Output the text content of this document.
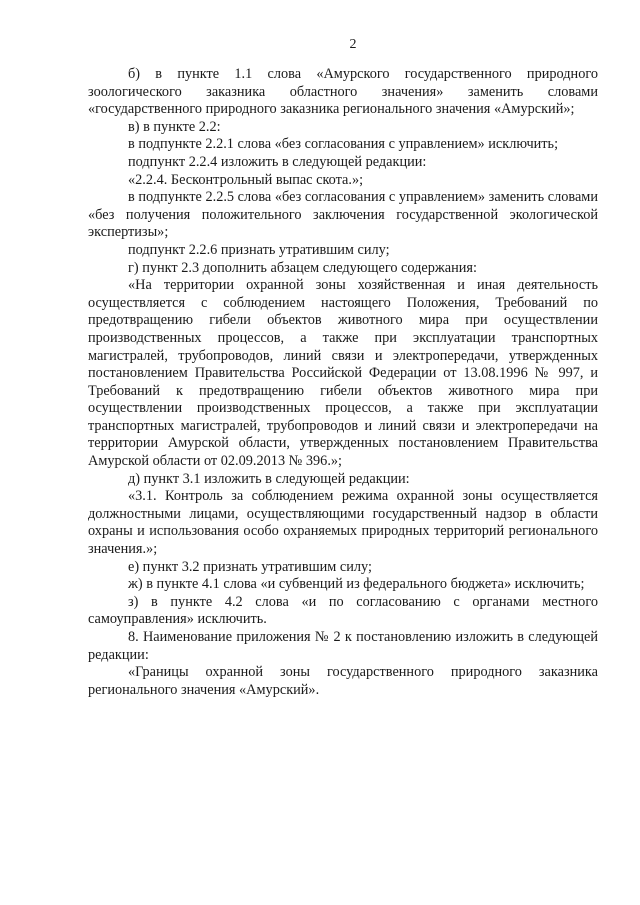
2

б) в пункте 1.1 слова «Амурского государственного природного зоологического заказника областного значения» заменить словами «государственного природного заказника регионального значения «Амурский»;

в) в пункте 2.2:

в подпункте 2.2.1 слова «без согласования с управлением» исключить;

подпункт 2.2.4 изложить в следующей редакции:

«2.2.4. Бесконтрольный выпас скота.»;

в подпункте 2.2.5 слова «без согласования с управлением» заменить словами «без получения положительного заключения государственной экологической экспертизы»;

подпункт 2.2.6 признать утратившим силу;

г) пункт 2.3 дополнить абзацем следующего содержания:

«На территории охранной зоны хозяйственная и иная деятельность осуществляется с соблюдением настоящего Положения, Требований по предотвращению гибели объектов животного мира при осуществлении производственных процессов, а также при эксплуатации транспортных магистралей, трубопроводов, линий связи и электропередачи, утвержденных постановлением Правительства Российской Федерации от 13.08.1996 № 997, и Требований к предотвращению гибели объектов животного мира при осуществлении производственных процессов, а также при эксплуатации транспортных магистралей, трубопроводов и линий связи и электропередачи на территории Амурской области, утвержденных постановлением Правительства Амурской области от 02.09.2013 № 396.»;

д) пункт 3.1 изложить в следующей редакции:

«3.1. Контроль за соблюдением режима охранной зоны осуществляется должностными лицами, осуществляющими государственный надзор в области охраны и использования особо охраняемых природных территорий регионального значения.»;

е) пункт 3.2 признать утратившим силу;

ж) в пункте 4.1 слова «и субвенций из федерального бюджета» исключить;

з) в пункте 4.2 слова «и по согласованию с органами местного самоуправления» исключить.

8. Наименование приложения № 2 к постановлению изложить в следующей редакции:

«Границы охранной зоны государственного природного заказника регионального значения «Амурский».
